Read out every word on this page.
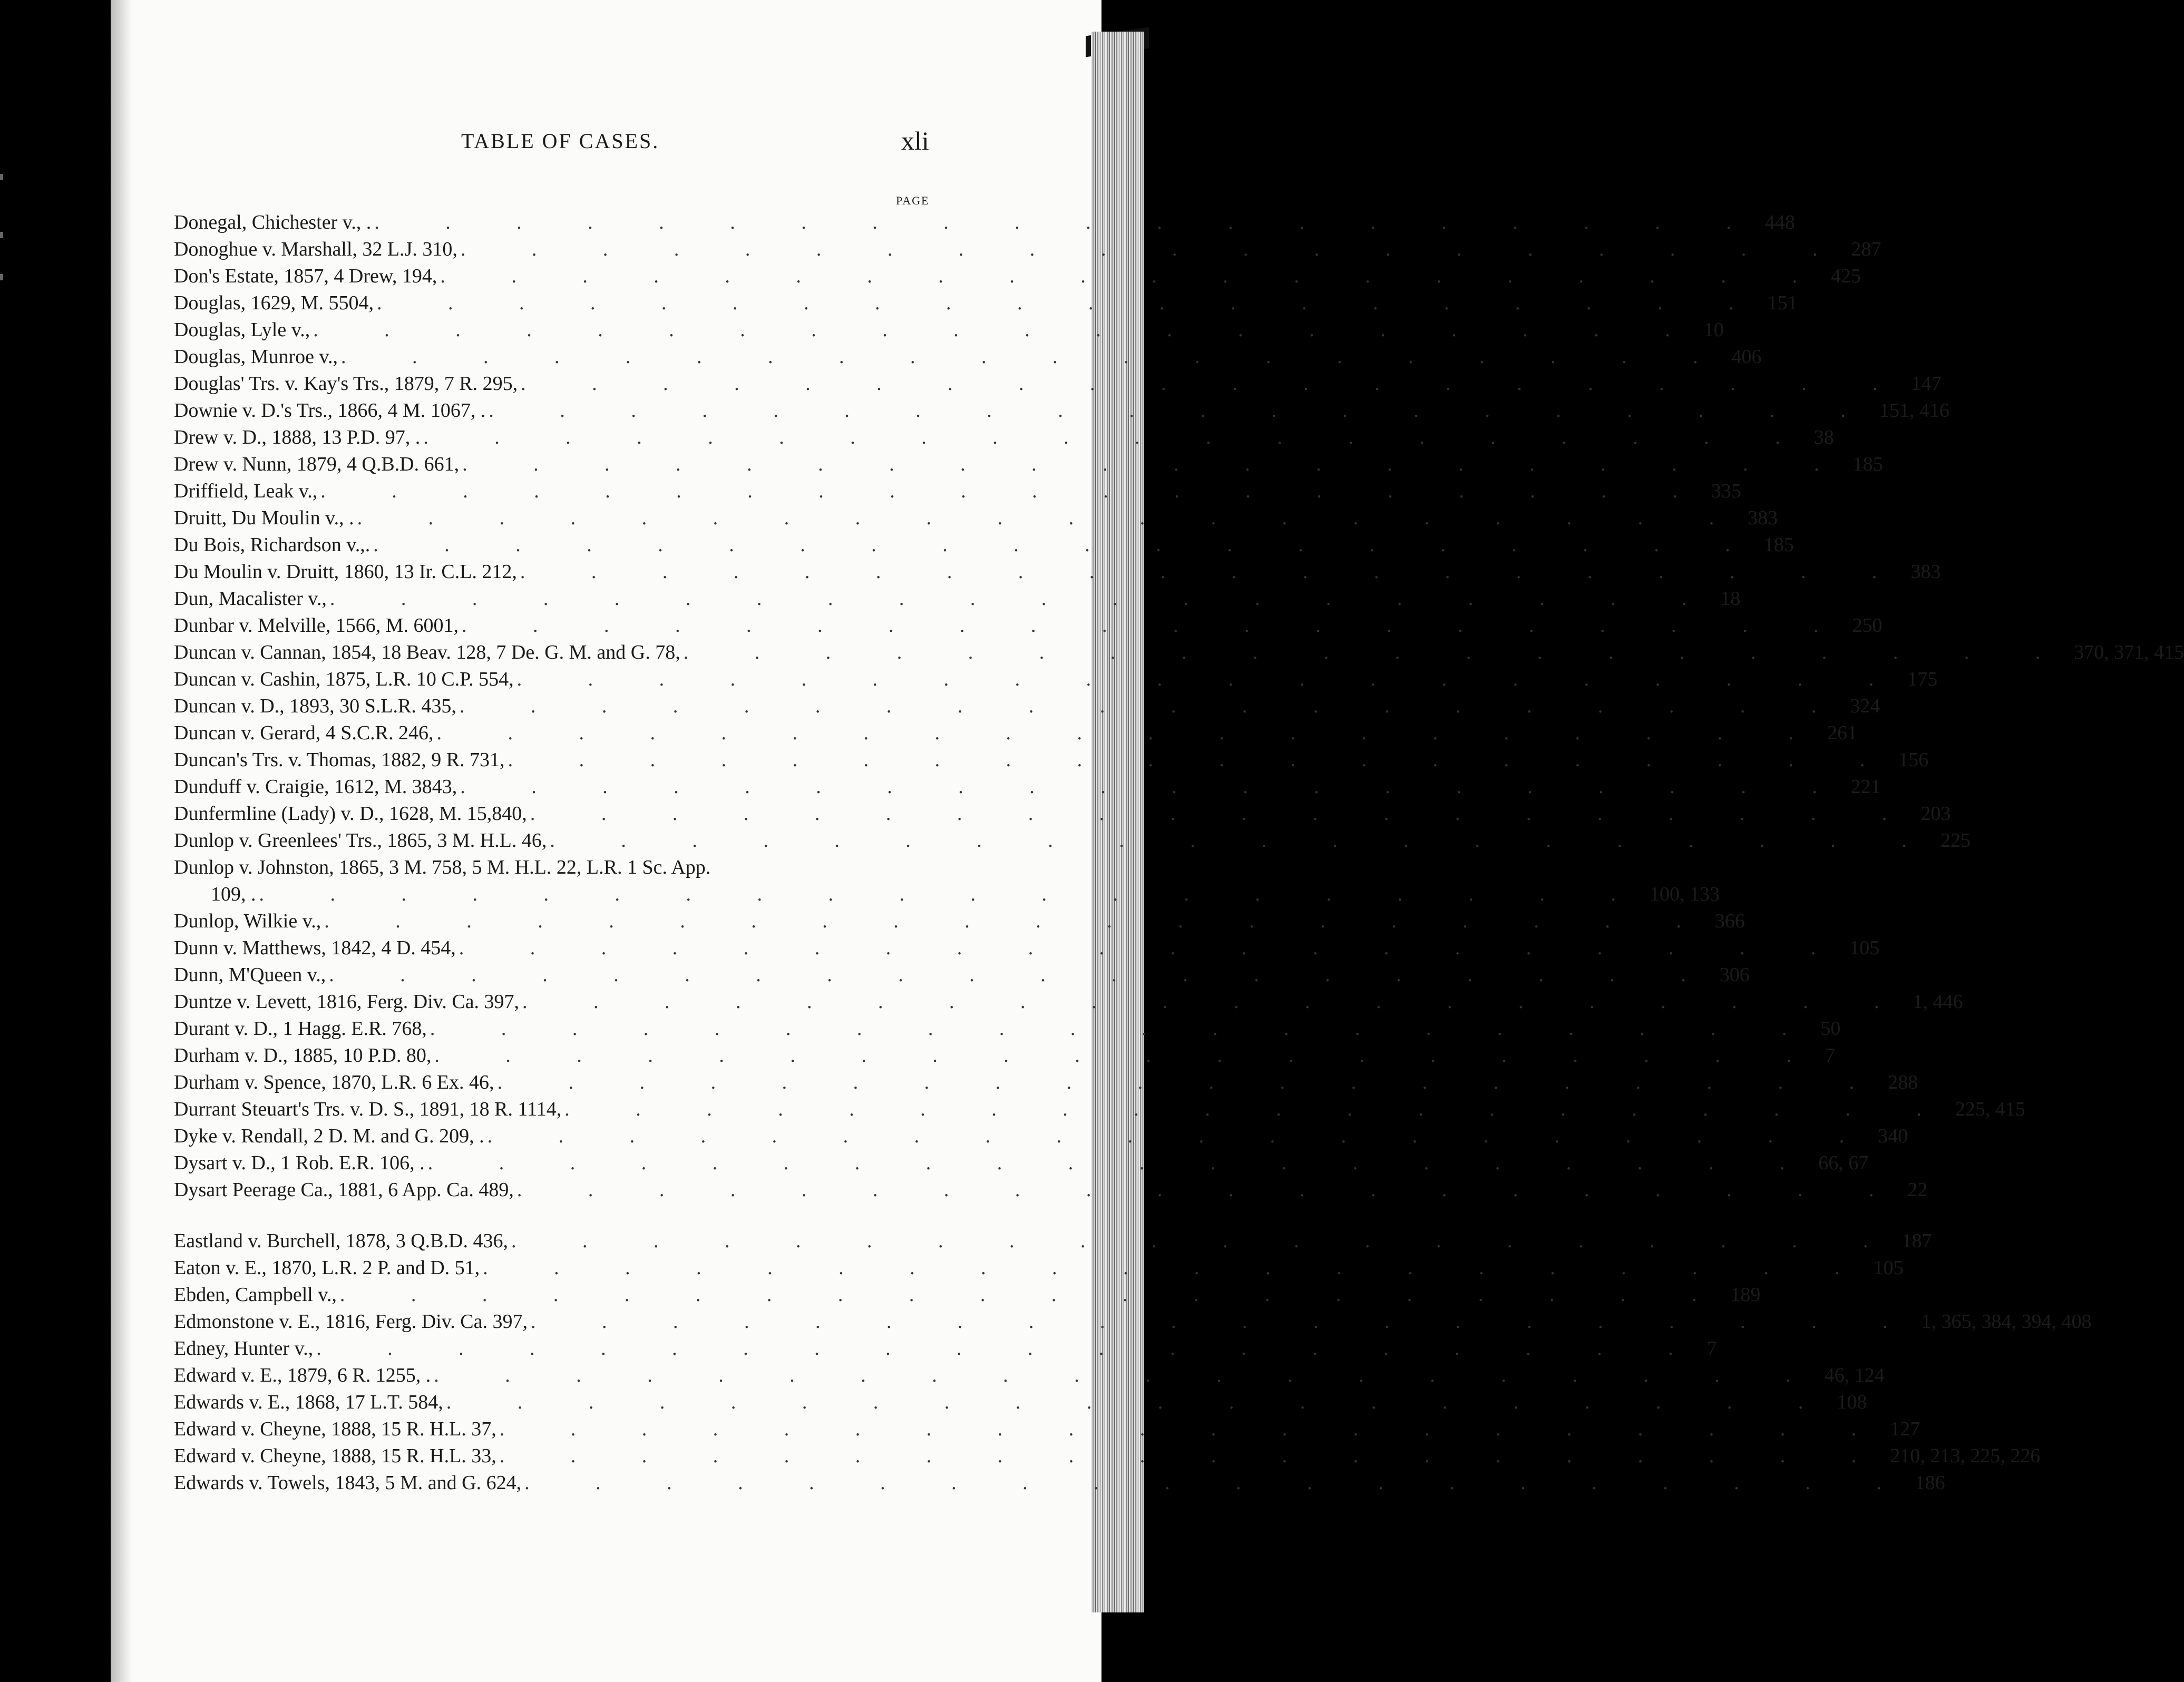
TABLE OF CASES.	xli
PAGE
Donegal, Chichester v., . . . . . . . . . . . . . . . . . . . . . 448
Donoghue v. Marshall, 32 L.J. 310, . . . . . . . . . . . . . . . . . . . . 287
Don's Estate, 1857, 4 Drew, 194, . . . . . . . . . . . . . . . . . . . . 425
Douglas, 1629, M. 5504, . . . . . . . . . . . . . . . . . . . . 151
Douglas, Lyle v., . . . . . . . . . . . . . . . . . . . . 10
Douglas, Munroe v., . . . . . . . . . . . . . . . . . . . . 406
Douglas' Trs. v. Kay's Trs., 1879, 7 R. 295, . . . . . . . . . . . . . . . . . . . . 147
Downie v. D.'s Trs., 1866, 4 M. 1067, . . . . . . . . . . . . . . . . . . . . . 151, 416
Drew v. D., 1888, 13 P.D. 97, . . . . . . . . . . . . . . . . . . . . . 38
Drew v. Nunn, 1879, 4 Q.B.D. 661, . . . . . . . . . . . . . . . . . . . . 185
Driffield, Leak v., . . . . . . . . . . . . . . . . . . . . 335
Druitt, Du Moulin v., . . . . . . . . . . . . . . . . . . . . . 383
Du Bois, Richardson v.,. . . . . . . . . . . . . . . . . . . . . 185
Du Moulin v. Druitt, 1860, 13 Ir. C.L. 212, . . . . . . . . . . . . . . . . . . . . 383
Dun, Macalister v., . . . . . . . . . . . . . . . . . . . . 18
Dunbar v. Melville, 1566, M. 6001, . . . . . . . . . . . . . . . . . . . . 250
Duncan v. Cannan, 1854, 18 Beav. 128, 7 De. G. M. and G. 78, . . . . . . . . . . . . . . . . . . . . 370, 371, 415
Duncan v. Cashin, 1875, L.R. 10 C.P. 554, . . . . . . . . . . . . . . . . . . . . 175
Duncan v. D., 1893, 30 S.L.R. 435, . . . . . . . . . . . . . . . . . . . . 324
Duncan v. Gerard, 4 S.C.R. 246, . . . . . . . . . . . . . . . . . . . . 261
Duncan's Trs. v. Thomas, 1882, 9 R. 731, . . . . . . . . . . . . . . . . . . . . 156
Dunduff v. Craigie, 1612, M. 3843, . . . . . . . . . . . . . . . . . . . . 221
Dunfermline (Lady) v. D., 1628, M. 15,840, . . . . . . . . . . . . . . . . . . . . 203
Dunlop v. Greenlees' Trs., 1865, 3 M. H.L. 46, . . . . . . . . . . . . . . . . . . . . 225
Dunlop v. Johnston, 1865, 3 M. 758, 5 M. H.L. 22, L.R. 1 Sc. App.
109, . . . . . . . . . . . . . . . . . . . . . 100, 133
Dunlop, Wilkie v., . . . . . . . . . . . . . . . . . . . . 366
Dunn v. Matthews, 1842, 4 D. 454, . . . . . . . . . . . . . . . . . . . . 105
Dunn, M'Queen v., . . . . . . . . . . . . . . . . . . . . 306
Duntze v. Levett, 1816, Ferg. Div. Ca. 397, . . . . . . . . . . . . . . . . . . . . 1, 446
Durant v. D., 1 Hagg. E.R. 768, . . . . . . . . . . . . . . . . . . . . 50
Durham v. D., 1885, 10 P.D. 80, . . . . . . . . . . . . . . . . . . . . 7
Durham v. Spence, 1870, L.R. 6 Ex. 46, . . . . . . . . . . . . . . . . . . . . 288
Durrant Steuart's Trs. v. D. S., 1891, 18 R. 1114, . . . . . . . . . . . . . . . . . . . . 225, 415
Dyke v. Rendall, 2 D. M. and G. 209, . . . . . . . . . . . . . . . . . . . . . 340
Dysart v. D., 1 Rob. E.R. 106, . . . . . . . . . . . . . . . . . . . . . 66, 67
Dysart Peerage Ca., 1881, 6 App. Ca. 489, . . . . . . . . . . . . . . . . . . . . 22
Eastland v. Burchell, 1878, 3 Q.B.D. 436, . . . . . . . . . . . . . . . . . . . . 187
Eaton v. E., 1870, L.R. 2 P. and D. 51, . . . . . . . . . . . . . . . . . . . . 105
Ebden, Campbell v., . . . . . . . . . . . . . . . . . . . . 189
Edmonstone v. E., 1816, Ferg. Div. Ca. 397, . . . . . . . . . . . . . . . . . . . . 1, 365, 384, 394, 408
Edney, Hunter v., . . . . . . . . . . . . . . . . . . . . 7
Edward v. E., 1879, 6 R. 1255, . . . . . . . . . . . . . . . . . . . . . 46, 124
Edwards v. E., 1868, 17 L.T. 584, . . . . . . . . . . . . . . . . . . . . 108
Edward v. Cheyne, 1888, 15 R. H.L. 37, . . . . . . . . . . . . . . . . . . . . 127
Edward v. Cheyne, 1888, 15 R. H.L. 33, . . . . . . . . . . . . . . . . . . . . 210, 213, 225, 226
Edwards v. Towels, 1843, 5 M. and G. 624, . . . . . . . . . . . . . . . . . . . . 186
